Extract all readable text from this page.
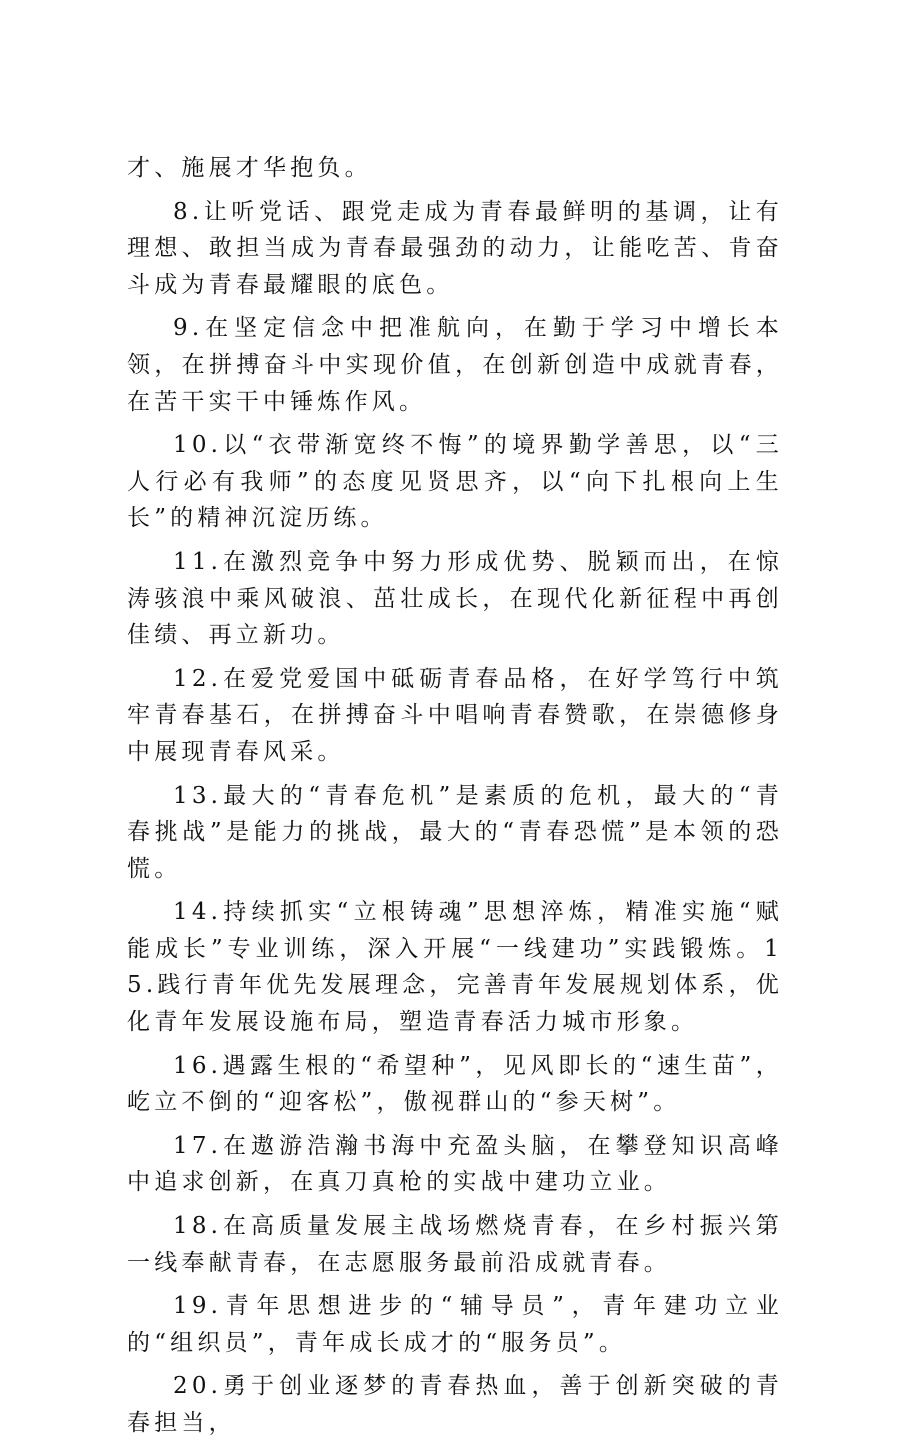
才、施展才华抱负。

8.让听党话、跟党走成为青春最鲜明的基调，让有理想、敢担当成为青春最强劲的动力，让能吃苦、肯奋斗成为青春最耀眼的底色。

9.在坚定信念中把准航向，在勤于学习中增长本领，在拼搏奋斗中实现价值，在创新创造中成就青春，在苦干实干中锤炼作风。

10.以“衣带渐宽终不悔”的境界勤学善思，以“三人行必有我师”的态度见贤思齐，以“向下扎根向上生长”的精神沉淀历练。

11.在激烈竞争中努力形成优势、脱颖而出，在惊涛骇浪中乘风破浪、茁壮成长，在现代化新征程中再创佳绩、再立新功。

12.在爱党爱国中砥砺青春品格，在好学笃行中筑牢青春基石，在拼搏奋斗中唱响青春赞歌，在崇德修身中展现青春风采。

13.最大的“青春危机”是素质的危机，最大的“青春挑战”是能力的挑战，最大的“青春恐慌”是本领的恐慌。

14.持续抓实“立根铸魂”思想淬炼，精准实施“赋能成长”专业训练，深入开展“一线建功”实践锻炼。15.践行青年优先发展理念，完善青年发展规划体系，优化青年发展设施布局，塑造青春活力城市形象。

16.遇露生根的“希望种”，见风即长的“速生苗”，屹立不倒的“迎客松”，傲视群山的“参天树”。

17.在遨游浩瀚书海中充盈头脑，在攀登知识高峰中追求创新，在真刀真枪的实战中建功立业。

18.在高质量发展主战场燃烧青春，在乡村振兴第一线奉献青春，在志愿服务最前沿成就青春。

19.青年思想进步的“辅导员”，青年建功立业的“组织员”，青年成长成才的“服务员”。

20.勇于创业逐梦的青春热血，善于创新突破的青春担当，
